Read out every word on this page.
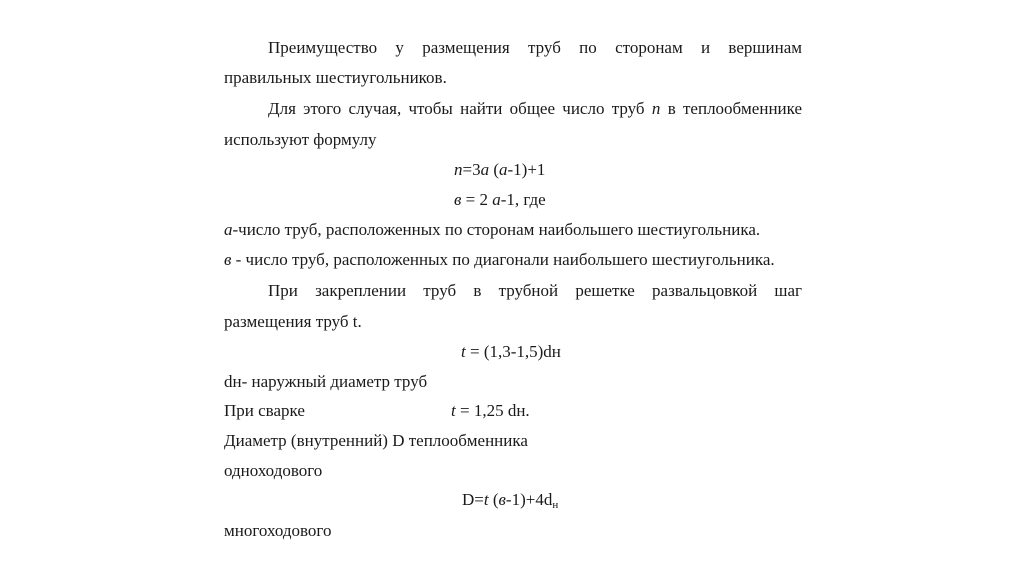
Преимущество у размещения труб по сторонам и вершинам
правильных шестиугольников.
Для этого случая, чтобы найти общее число труб n в теплообменнике
используют формулу
n=3a (a-1)+1
в = 2 a-1, где
a-число труб, расположенных по сторонам наибольшего шестиугольника.
в - число труб, расположенных по диагонали наибольшего шестиугольника.
При закреплении труб в трубной решетке развальцовкой шаг
размещения труб t.
t = (1,3-1,5)dн
dн- наружный диаметр труб
При сварке	t = 1,25 dн.
Диаметр (внутренний) D теплообменника
одноходового
D=t $(в-1)+4d_н$
многоходового
